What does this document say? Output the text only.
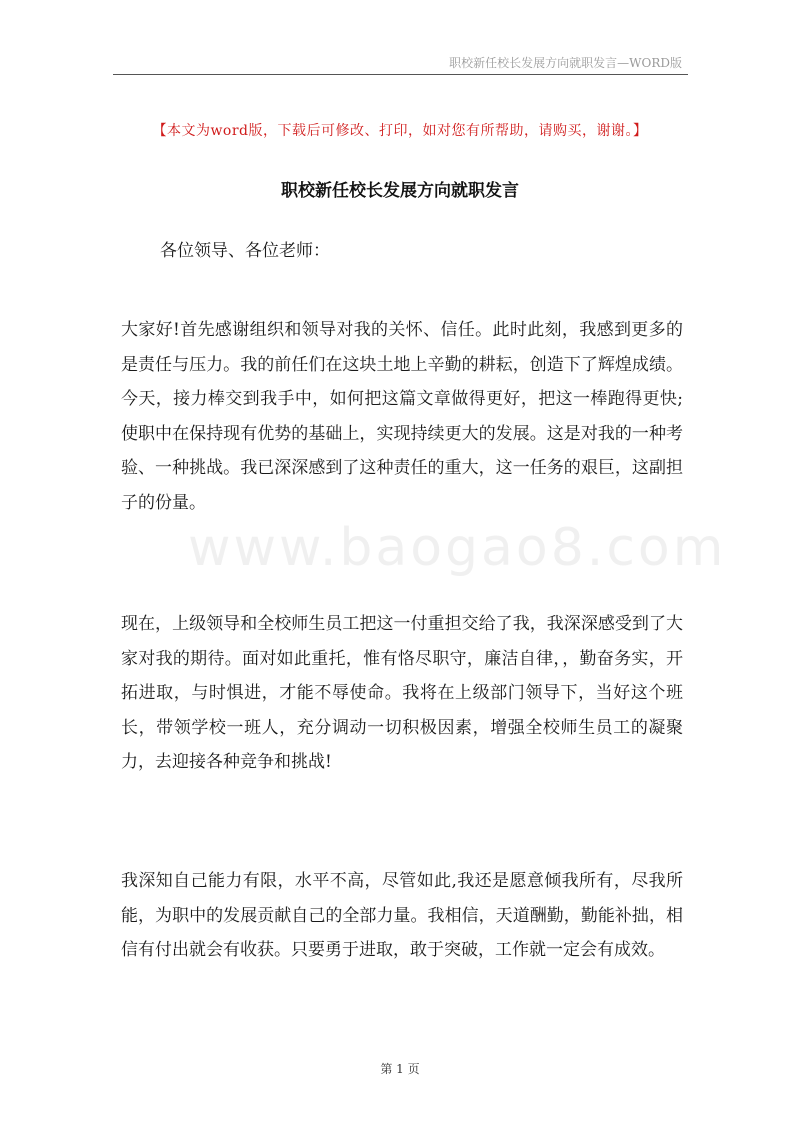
职校新任校长发展方向就职发言—WORD版
【本文为word版，下载后可修改、打印，如对您有所帮助，请购买，谢谢。】
职校新任校长发展方向就职发言
各位领导、各位老师：

大家好!首先感谢组织和领导对我的关怀、信任。此时此刻，我感到更多的是责任与压力。我的前任们在这块土地上辛勤的耕耘，创造下了辉煌成绩。今天，接力棒交到我手中，如何把这篇文章做得更好，把这一棒跑得更快;使职中在保持现有优势的基础上，实现持续更大的发展。这是对我的一种考验、一种挑战。我已深深感到了这种责任的重大，这一任务的艰巨，这副担子的份量。

现在，上级领导和全校师生员工把这一付重担交给了我，我深深感受到了大家对我的期待。面对如此重托，惟有恪尽职守，廉洁自律，，勤奋务实，开拓进取，与时惧进，才能不辱使命。我将在上级部门领导下，当好这个班长，带领学校一班人，充分调动一切积极因素，增强全校师生员工的凝聚力，去迎接各种竞争和挑战!

我深知自己能力有限，水平不高，尽管如此,我还是愿意倾我所有，尽我所能，为职中的发展贡献自己的全部力量。我相信，天道酬勤，勤能补拙，相信有付出就会有收获。只要勇于进取，敢于突破，工作就一定会有成效。

www.baogao8.com
第 1 页
